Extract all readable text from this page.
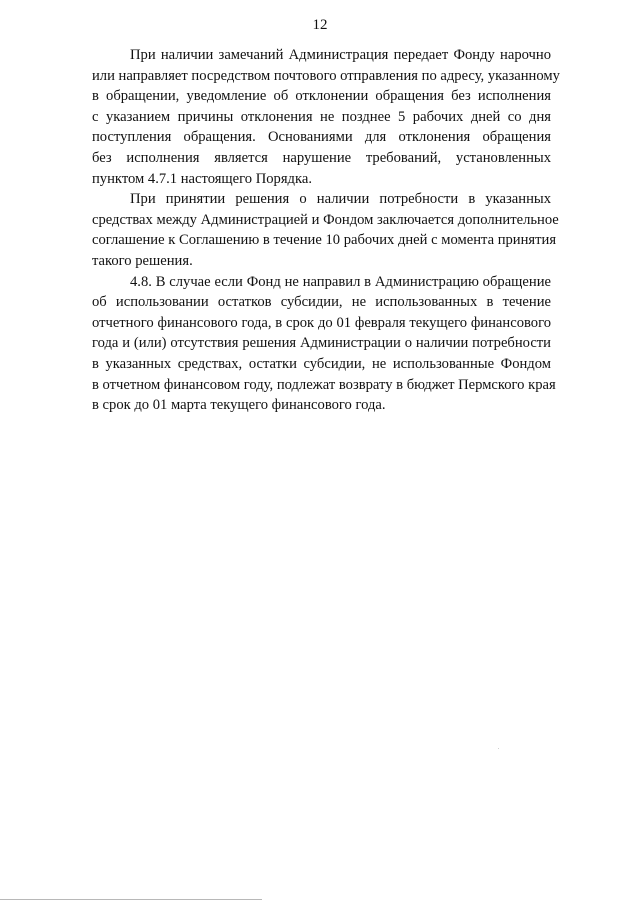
12

При наличии замечаний Администрация передает Фонду нарочно
или направляет посредством почтового отправления по адресу, указанному
в обращении, уведомление об отклонении обращения без исполнения
с указанием причины отклонения не позднее 5 рабочих дней со дня
поступления обращения. Основаниями для отклонения обращения
без исполнения является нарушение требований, установленных
пунктом 4.7.1 настоящего Порядка.

При принятии решения о наличии потребности в указанных
средствах между Администрацией и Фондом заключается дополнительное
соглашение к Соглашению в течение 10 рабочих дней с момента принятия
такого решения.

4.8. В случае если Фонд не направил в Администрацию обращение
об использовании остатков субсидии, не использованных в течение
отчетного финансового года, в срок до 01 февраля текущего финансового
года и (или) отсутствия решения Администрации о наличии потребности
в указанных средствах, остатки субсидии, не использованные Фондом
в отчетном финансовом году, подлежат возврату в бюджет Пермского края
в срок до 01 марта текущего финансового года.
